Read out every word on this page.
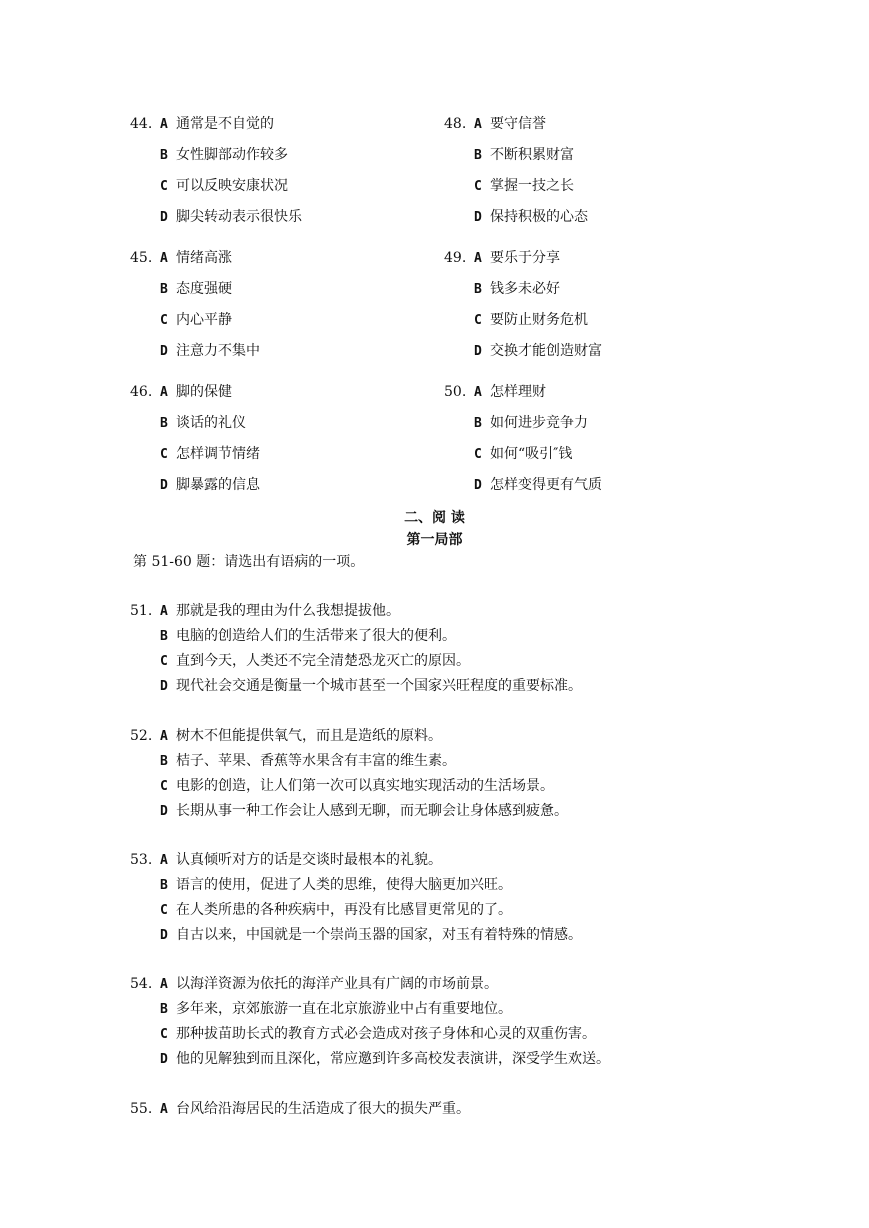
44. A 通常是不自觉的
B 女性脚部动作较多
C 可以反映安康状况
D 脚尖转动表示很快乐
48. A 要守信誉
B 不断积累财富
C 掌握一技之长
D 保持积极的心态
45. A 情绪高涨
B 态度强硬
C 内心平静
D 注意力不集中
49. A 要乐于分享
B 钱多未必好
C 要防止财务危机
D 交换才能创造财富
46. A 脚的保健
B 谈话的礼仪
C 怎样调节情绪
D 脚暴露的信息
50. A 怎样理财
B 如何进步竞争力
C 如何“吸引″钱
D 怎样变得更有气质
二、阅 读
第一局部
第 51-60 题：请选出有语病的一项。
51. A 那就是我的理由为什么我想提拔他。
B 电脑的创造给人们的生活带来了很大的便利。
C 直到今天，人类还不完全清楚恐龙灭亡的原因。
D 现代社会交通是衡量一个城市甚至一个国家兴旺程度的重要标准。
52. A 树木不但能提供氧气，而且是造纸的原料。
B 桔子、苹果、香蕉等水果含有丰富的维生素。
C 电影的创造，让人们第一次可以真实地实现活动的生活场景。
D 长期从事一种工作会让人感到无聊，而无聊会让身体感到疲惫。
53. A 认真倾听对方的话是交谈时最根本的礼貌。
B 语言的使用，促进了人类的思维，使得大脑更加兴旺。
C 在人类所患的各种疾病中，再没有比感冒更常见的了。
D 自古以来，中国就是一个崇尚玉器的国家，对玉有着特殊的情感。
54. A 以海洋资源为依托的海洋产业具有广阔的市场前景。
B 多年来，京郊旅游一直在北京旅游业中占有重要地位。
C 那种拔苗助长式的教育方式必会造成对孩子身体和心灵的双重伤害。
D 他的见解独到而且深化，常应邀到许多高校发表演讲，深受学生欢送。
55. A 台风给沿海居民的生活造成了很大的损失严重。
